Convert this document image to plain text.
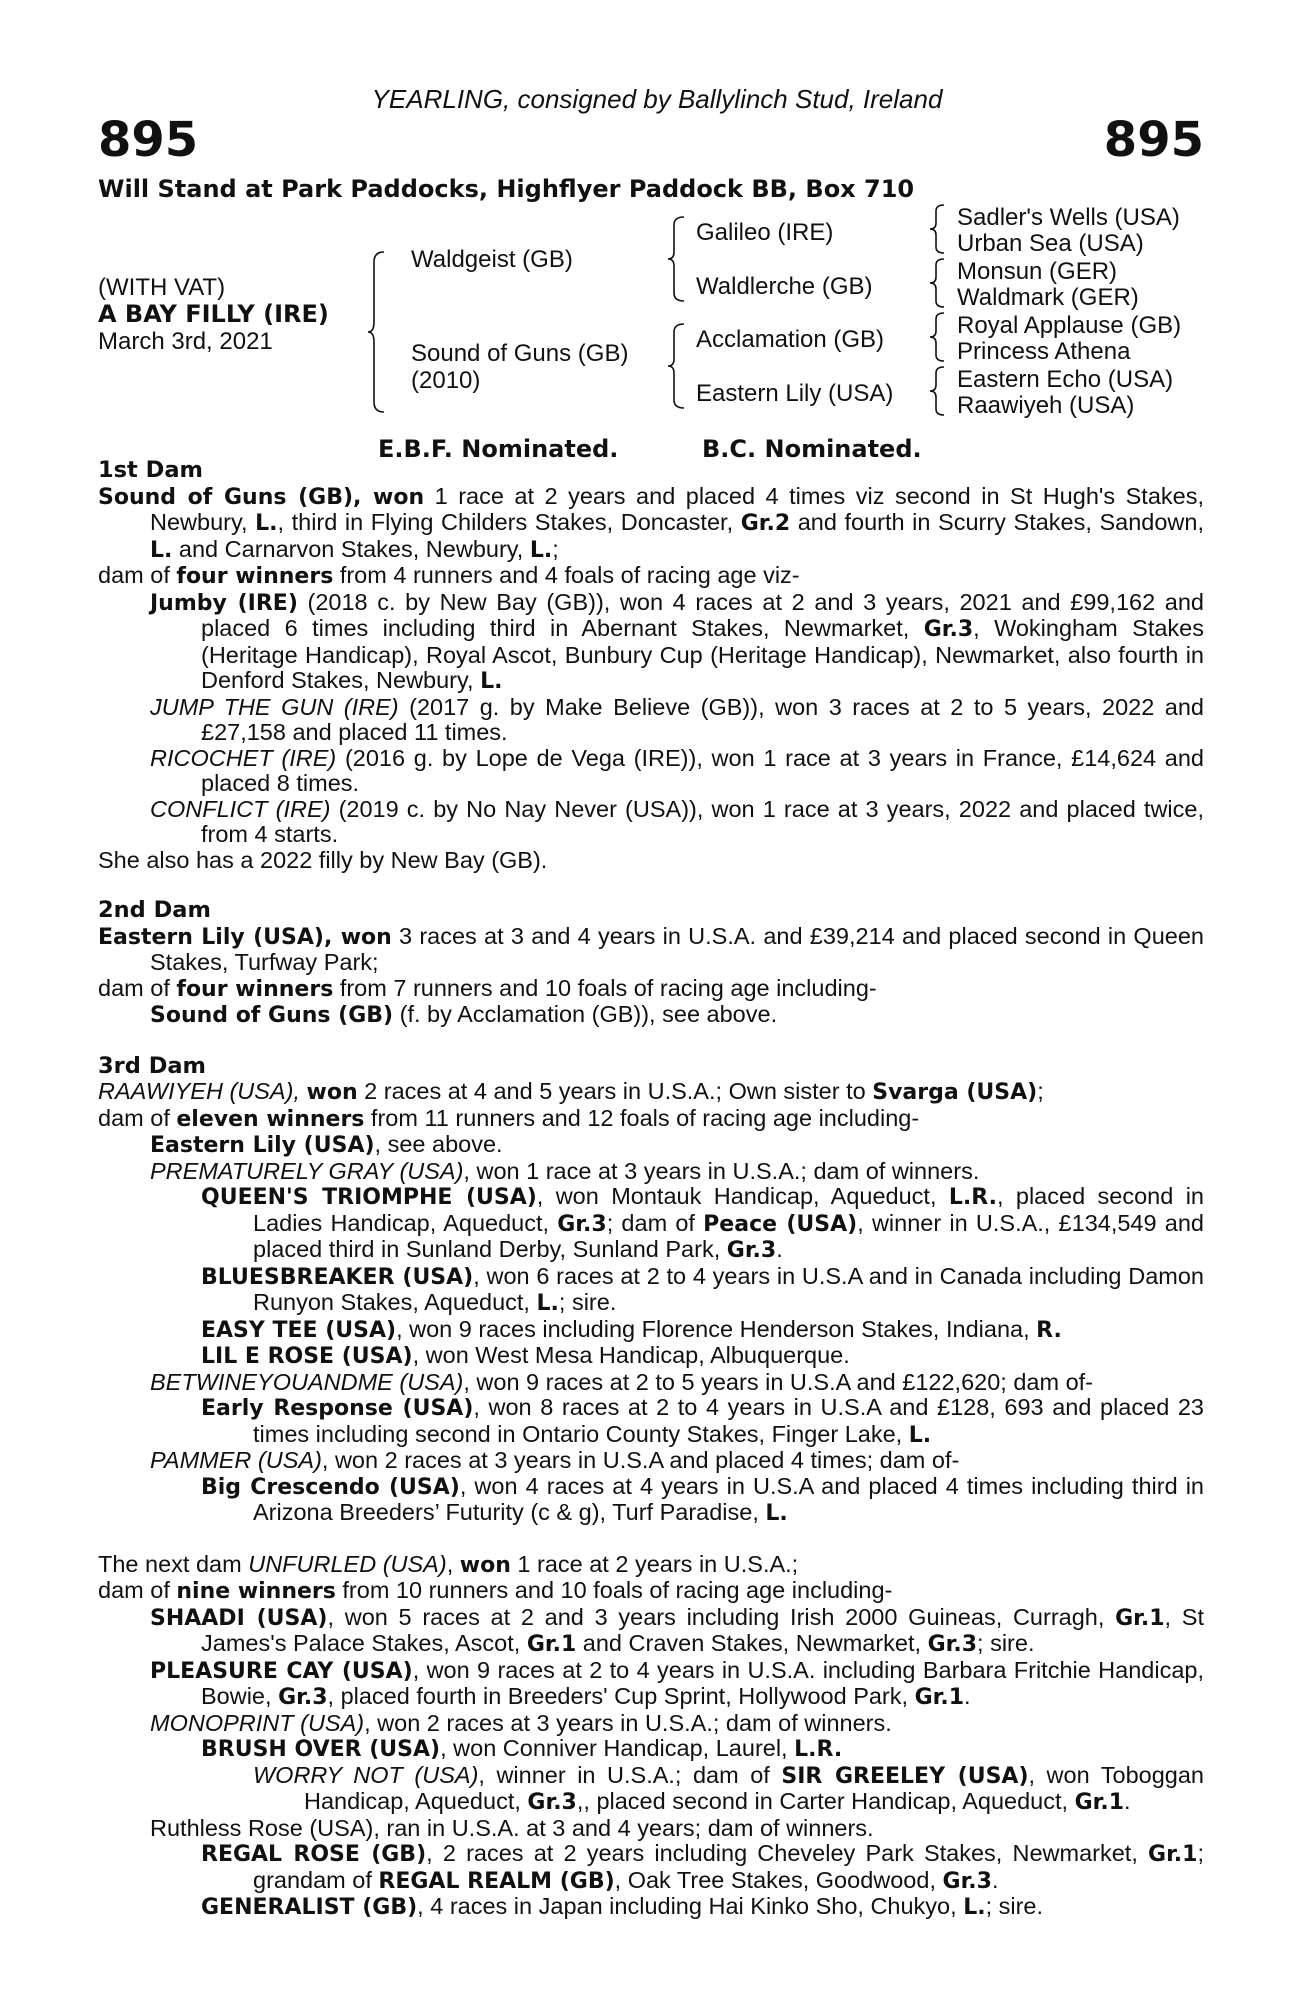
YEARLING, consigned by Ballylinch Stud, Ireland
895	895
Will Stand at Park Paddocks, Highflyer Paddock BB, Box 710
(WITH VAT)
A BAY FILLY (IRE)
March 3rd, 2021
Waldgeist (GB)
Sound of Guns (GB)
(2010)
Galileo (IRE)
Waldlerche (GB)
Acclamation (GB)
Eastern Lily (USA)
Sadler's Wells (USA)
Urban Sea (USA)
Monsun (GER)
Waldmark (GER)
Royal Applause (GB)
Princess Athena
Eastern Echo (USA)
Raawiyeh (USA)
E.B.F. Nominated.	B.C. Nominated.

1st Dam

Sound of Guns (GB), won 1 race at 2 years and placed 4 times viz second in St Hugh's Stakes, Newbury, L., third in Flying Childers Stakes, Doncaster, Gr.2 and fourth in Scurry Stakes, Sandown, L. and Carnarvon Stakes, Newbury, L.;

dam of four winners from 4 runners and 4 foals of racing age viz-

Jumby (IRE) (2018 c. by New Bay (GB)), won 4 races at 2 and 3 years, 2021 and £99,162 and placed 6 times including third in Abernant Stakes, Newmarket, Gr.3, Wokingham Stakes (Heritage Handicap), Royal Ascot, Bunbury Cup (Heritage Handicap), Newmarket, also fourth in Denford Stakes, Newbury, L.

JUMP THE GUN (IRE) (2017 g. by Make Believe (GB)), won 3 races at 2 to 5 years, 2022 and £27,158 and placed 11 times.

RICOCHET (IRE) (2016 g. by Lope de Vega (IRE)), won 1 race at 3 years in France, £14,624 and placed 8 times.

CONFLICT (IRE) (2019 c. by No Nay Never (USA)), won 1 race at 3 years, 2022 and placed twice, from 4 starts.

She also has a 2022 filly by New Bay (GB).

2nd Dam

Eastern Lily (USA), won 3 races at 3 and 4 years in U.S.A. and £39,214 and placed second in Queen Stakes, Turfway Park;

dam of four winners from 7 runners and 10 foals of racing age including-

Sound of Guns (GB) (f. by Acclamation (GB)), see above.

3rd Dam

RAAWIYEH (USA), won 2 races at 4 and 5 years in U.S.A.; Own sister to Svarga (USA);

dam of eleven winners from 11 runners and 12 foals of racing age including-

Eastern Lily (USA), see above.

PREMATURELY GRAY (USA), won 1 race at 3 years in U.S.A.; dam of winners.

QUEEN'S TRIOMPHE (USA), won Montauk Handicap, Aqueduct, L.R., placed second in Ladies Handicap, Aqueduct, Gr.3; dam of Peace (USA), winner in U.S.A., £134,549 and placed third in Sunland Derby, Sunland Park, Gr.3.

BLUESBREAKER (USA), won 6 races at 2 to 4 years in U.S.A and in Canada including Damon Runyon Stakes, Aqueduct, L.; sire.

EASY TEE (USA), won 9 races including Florence Henderson Stakes, Indiana, R.

LIL E ROSE (USA), won West Mesa Handicap, Albuquerque.

BETWINEYOUANDME (USA), won 9 races at 2 to 5 years in U.S.A and £122,620; dam of-

Early Response (USA), won 8 races at 2 to 4 years in U.S.A and £128, 693 and placed 23 times including second in Ontario County Stakes, Finger Lake, L.

PAMMER (USA), won 2 races at 3 years in U.S.A and placed 4 times; dam of-

Big Crescendo (USA), won 4 races at 4 years in U.S.A and placed 4 times including third in Arizona Breeders’ Futurity (c & g), Turf Paradise, L.

The next dam UNFURLED (USA), won 1 race at 2 years in U.S.A.;

dam of nine winners from 10 runners and 10 foals of racing age including-

SHAADI (USA), won 5 races at 2 and 3 years including Irish 2000 Guineas, Curragh, Gr.1, St James's Palace Stakes, Ascot, Gr.1 and Craven Stakes, Newmarket, Gr.3; sire.

PLEASURE CAY (USA), won 9 races at 2 to 4 years in U.S.A. including Barbara Fritchie Handicap, Bowie, Gr.3, placed fourth in Breeders' Cup Sprint, Hollywood Park, Gr.1.

MONOPRINT (USA), won 2 races at 3 years in U.S.A.; dam of winners.

BRUSH OVER (USA), won Conniver Handicap, Laurel, L.R.

WORRY NOT (USA), winner in U.S.A.; dam of SIR GREELEY (USA), won Toboggan Handicap, Aqueduct, Gr.3,, placed second in Carter Handicap, Aqueduct, Gr.1.

Ruthless Rose (USA), ran in U.S.A. at 3 and 4 years; dam of winners.

REGAL ROSE (GB), 2 races at 2 years including Cheveley Park Stakes, Newmarket, Gr.1; grandam of REGAL REALM (GB), Oak Tree Stakes, Goodwood, Gr.3.

GENERALIST (GB), 4 races in Japan including Hai Kinko Sho, Chukyo, L.; sire.
